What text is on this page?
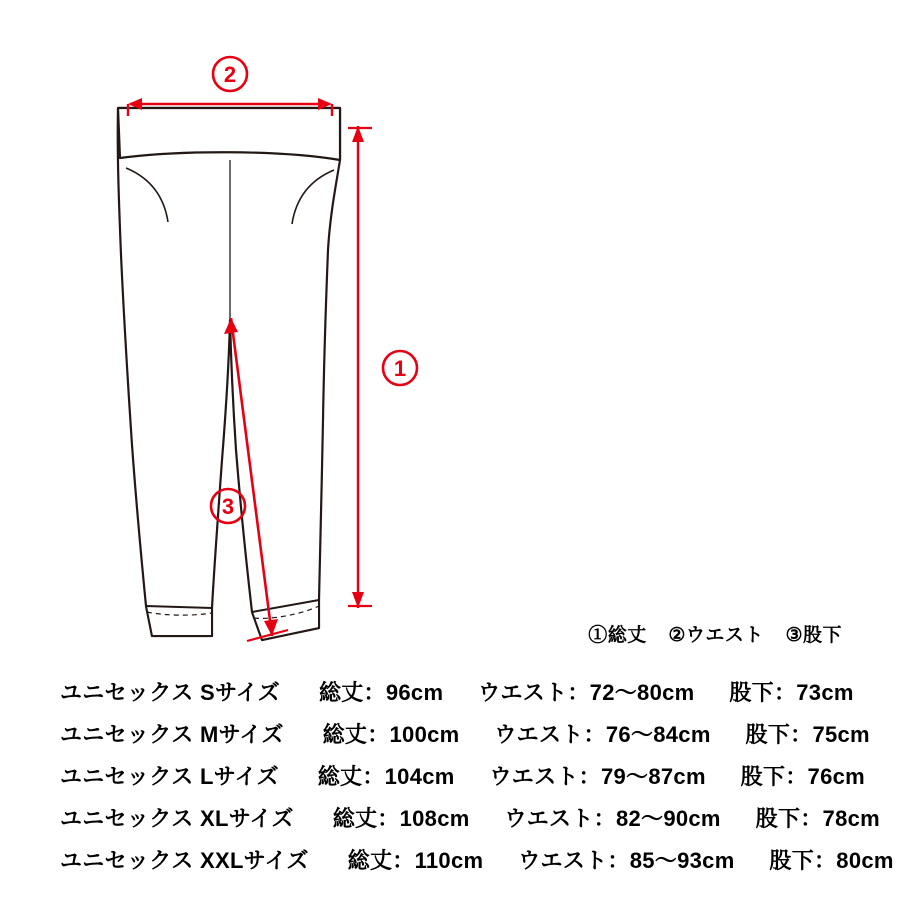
2
1
3
①総丈 ②ウエスト ③股下
ユニセックス Sサイズ 総丈：96cm ウエスト：72〜80cm 股下：73cm
ユニセックス Mサイズ 総丈：100cm ウエスト：76〜84cm 股下：75cm
ユニセックス Lサイズ 総丈：104cm ウエスト：79〜87cm 股下：76cm
ユニセックス XLサイズ 総丈：108cm ウエスト：82〜90cm 股下：78cm
ユニセックス XXLサイズ 総丈：110cm ウエスト：85〜93cm 股下：80cm
